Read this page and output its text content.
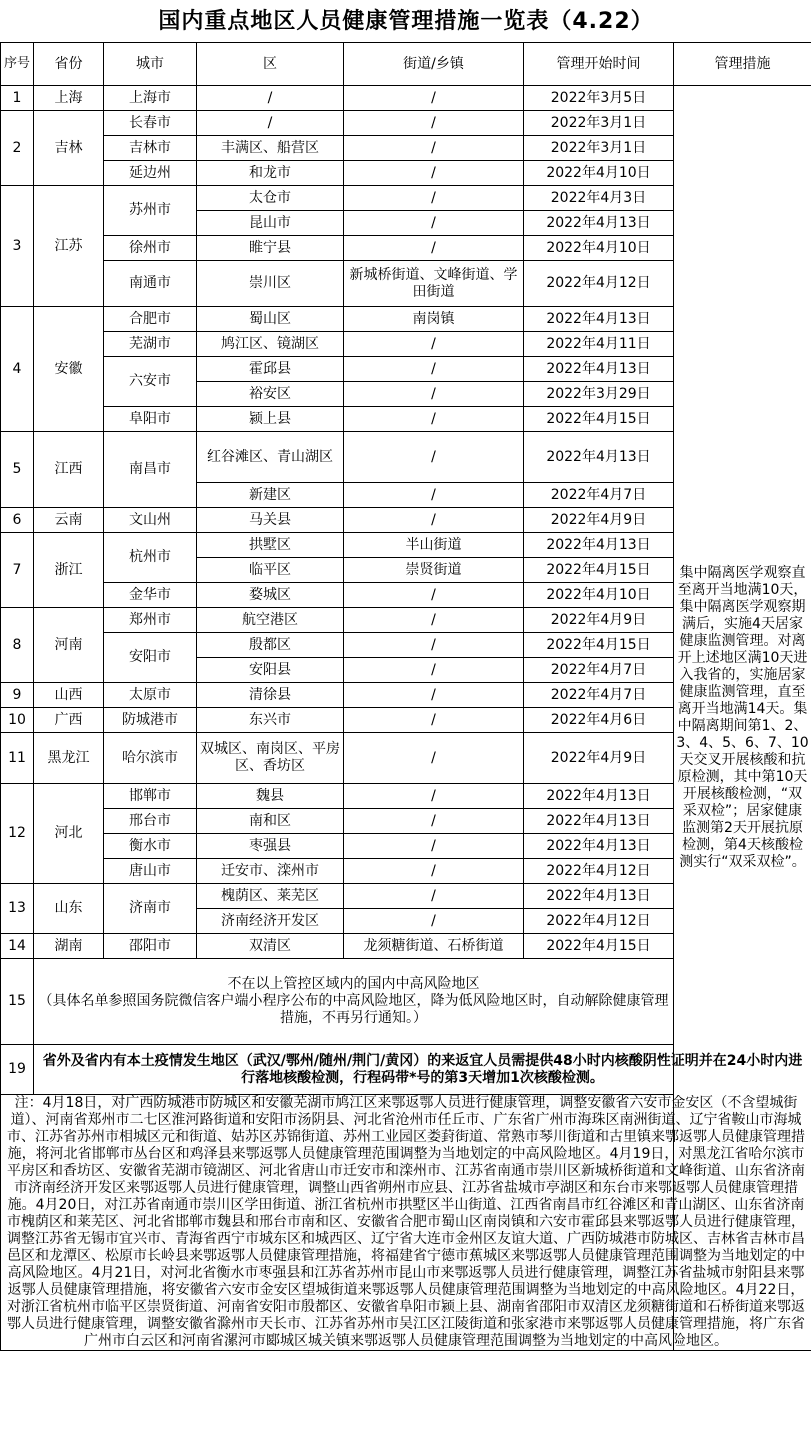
国内重点地区人员健康管理措施一览表（4.22）						
序号	省份	城市	区	街道/乡镇	管理开始时间	管理措施
1	上海	上海市	/	/	2022年3月5日	集中隔离医学观察直至离开当地满10天，集中隔离医学观察期满后，实施4天居家健康监测管理。对离开上述地区满10天进入我省的，实施居家健康监测管理，直至离开当地满14天。集中隔离期间第1、2、3、4、5、6、7、10天交叉开展核酸和抗原检测，其中第10天开展核酸检测，“双采双检”；居家健康监测第2天开展抗原检测，第4天核酸检测实行“双采双检”。
2	吉林	长春市	/	/	2022年3月1日	
		吉林市	丰满区、船营区	/	2022年3月1日	
		延边州	和龙市	/	2022年4月10日	
3	江苏	苏州市	太仓市	/	2022年4月3日	
			昆山市	/	2022年4月13日	
		徐州市	睢宁县	/	2022年4月10日	
		南通市	崇川区	新城桥街道、文峰街道、学田街道	2022年4月12日	
4	安徽	合肥市	蜀山区	南岗镇	2022年4月13日	
		芜湖市	鸠江区、镜湖区	/	2022年4月11日	
		六安市	霍邱县	/	2022年4月13日	
			裕安区	/	2022年3月29日	
		阜阳市	颍上县	/	2022年4月15日	
5	江西	南昌市	红谷滩区、青山湖区	/	2022年4月13日	
			新建区	/	2022年4月7日	
6	云南	文山州	马关县	/	2022年4月9日	
7	浙江	杭州市	拱墅区	半山街道	2022年4月13日	
			临平区	崇贤街道	2022年4月15日	
		金华市	婺城区	/	2022年4月10日	
8	河南	郑州市	航空港区	/	2022年4月9日	
		安阳市	殷都区	/	2022年4月15日	
			安阳县	/	2022年4月7日	
9	山西	太原市	清徐县	/	2022年4月7日	
10	广西	防城港市	东兴市	/	2022年4月6日	
11	黑龙江	哈尔滨市	双城区、南岗区、平房区、香坊区	/	2022年4月9日	
12	河北	邯郸市	魏县	/	2022年4月13日	
		邢台市	南和区	/	2022年4月13日	
		衡水市	枣强县	/	2022年4月13日	
		唐山市	迁安市、滦州市	/	2022年4月12日	
13	山东	济南市	槐荫区、莱芜区	/	2022年4月13日	
			济南经济开发区	/	2022年4月12日	
14	湖南	邵阳市	双清区	龙须糖街道、石桥街道	2022年4月15日	
15	不在以上管控区域内的国内中高风险地区
（具体名单参照国务院微信客户端小程序公布的中高风险地区，降为低风险地区时，自动解除健康管理措施，不再另行通知。）					

19	省外及省内有本土疫情发生地区（武汉/鄂州/随州/荆门/黄冈）的来返宜人员需提供48小时内核酸阴性证明并在24小时内进行落地核酸检测，行程码带*号的第3天增加1次核酸检测。					
注：4月18日，对广西防城港市防城区和安徽芜湖市鸠江区来鄂返鄂人员进行健康管理，调整安徽省六安市金安区（不含望城街道）、河南省郑州市二七区淮河路街道和安阳市汤阴县、河北省沧州市任丘市、广东省广州市海珠区南洲街道、辽宁省鞍山市海城市、江苏省苏州市相城区元和街道、姑苏区苏锦街道、苏州工业园区娄葑街道、常熟市琴川街道和古里镇来鄂返鄂人员健康管理措施，将河北省邯郸市丛台区和鸡泽县来鄂返鄂人员健康管理范围调整为当地划定的中高风险地区。4月19日，对黑龙江省哈尔滨市平房区和香坊区、安徽省芜湖市镜湖区、河北省唐山市迁安市和滦州市、江苏省南通市崇川区新城桥街道和文峰街道、山东省济南市济南经济开发区来鄂返鄂人员进行健康管理，调整山西省朔州市应县、江苏省盐城市亭湖区和东台市来鄂返鄂人员健康管理措施。4月20日，对江苏省南通市崇川区学田街道、浙江省杭州市拱墅区半山街道、江西省南昌市红谷滩区和青山湖区、山东省济南市槐荫区和莱芜区、河北省邯郸市魏县和邢台市南和区、安徽省合肥市蜀山区南岗镇和六安市霍邱县来鄂返鄂人员进行健康管理，调整江苏省无锡市宜兴市、青海省西宁市城东区和城西区、辽宁省大连市金州区友谊大道、广西防城港市防城区、吉林省吉林市昌邑区和龙潭区、松原市长岭县来鄂返鄂人员健康管理措施，将福建省宁德市蕉城区来鄂返鄂人员健康管理范围调整为当地划定的中高风险地区。4月21日，对河北省衡水市枣强县和江苏省苏州市昆山市来鄂返鄂人员进行健康管理，调整江苏省盐城市射阳县来鄂返鄂人员健康管理措施，将安徽省六安市金安区望城街道来鄂返鄂人员健康管理范围调整为当地划定的中高风险地区。4月22日，对浙江省杭州市临平区崇贤街道、河南省安阳市殷都区、安徽省阜阳市颍上县、湖南省邵阳市双清区龙须糖街道和石桥街道来鄂返鄂人员进行健康管理，调整安徽省滁州市天长市、江苏省苏州市吴江区江陵街道和张家港市来鄂返鄂人员健康管理措施，将广东省广州市白云区和河南省漯河市郾城区城关镇来鄂返鄂人员健康管理范围调整为当地划定的中高风险地区。						
